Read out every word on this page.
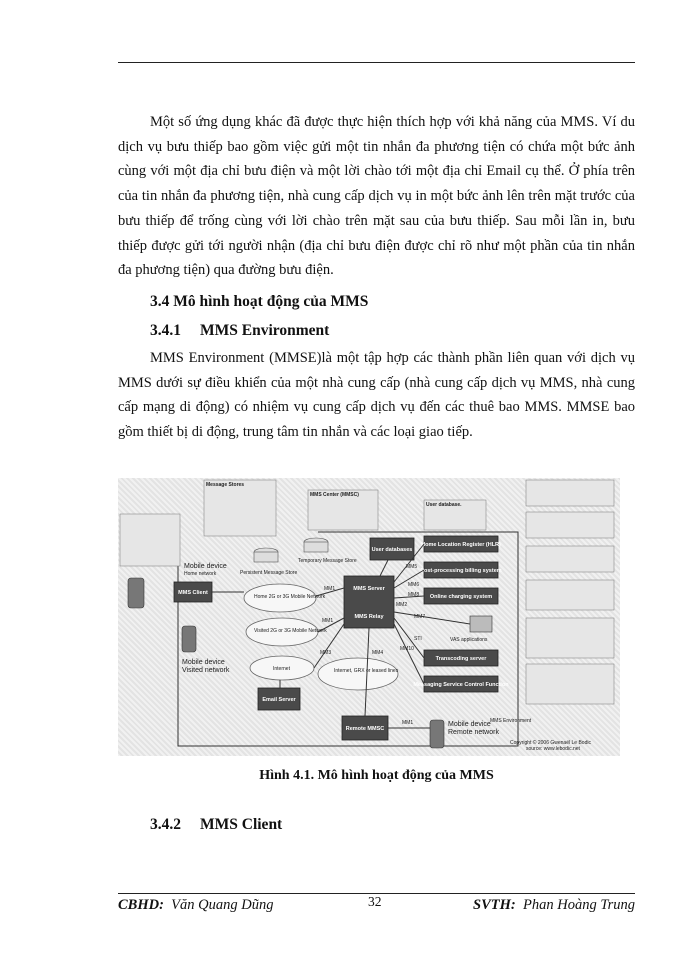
Một số ứng dụng khác đã được thực hiện thích hợp với khả năng của MMS. Ví du dịch vụ bưu thiếp bao gồm việc gửi một tin nhắn đa phương tiện có chứa một bức ảnh cùng với một địa chỉ bưu điện và một lời chào tới một địa chỉ Email cụ thể. Ở phía trên của tin nhắn đa phương tiện, nhà cung cấp dịch vụ in một bức ảnh lên trên mặt trước của bưu thiếp để trống cùng với lời chào trên mặt sau của bưu thiếp. Sau mỗi lần in, bưu thiếp được gửi tới người nhận (địa chỉ bưu điện được chỉ rõ như một phần của tin nhắn đa phương tiện) qua đường bưu điện.

3.4 Mô hình hoạt động của MMS
3.4.1 MMS Environment

MMS Environment (MMSE)là một tập hợp các thành phần liên quan với dịch vụ MMS dưới sự điều khiển của một nhà cung cấp (nhà cung cấp dịch vụ MMS, nhà cung cấp mạng di động) có nhiệm vụ cung cấp dịch vụ đến các thuê bao MMS. MMSE bao gồm thiết bị di động, trung tâm tin nhắn và các loại giao tiếp.

MMS Environment
Message Stores
MMS Center (MMSC)
User database.
Persistent Message Store
Temporary Message Store
Mobile device
Home network
MMS Client
Home 2G or 3G Mobile Network
Visited 2G or 3G Mobile Network
Internet	Internet, GRX or leased lines
Mobile device
Visited network
Email Server
MMS Server
MMS Relay
User databases
Home Location Register (HLR)
Post-processing billing system
Online charging system
VAS applications
Transcoding server
Messaging Service Control Function
Remote MMSC
Mobile device
Remote network
MM1
MM1
MM2
MM3	MM4
MM5
MM6
MM7
MM8
MM10
STI
MM1
Copyright © 2006 Gwenaël Le Bodic
source: www.lebodic.net

Hình 4.1. Mô hình hoạt động của MMS

3.4.2 MMS Client
CBHD: Văn Quang Dũng	32	SVTH: Phan Hoàng Trung
